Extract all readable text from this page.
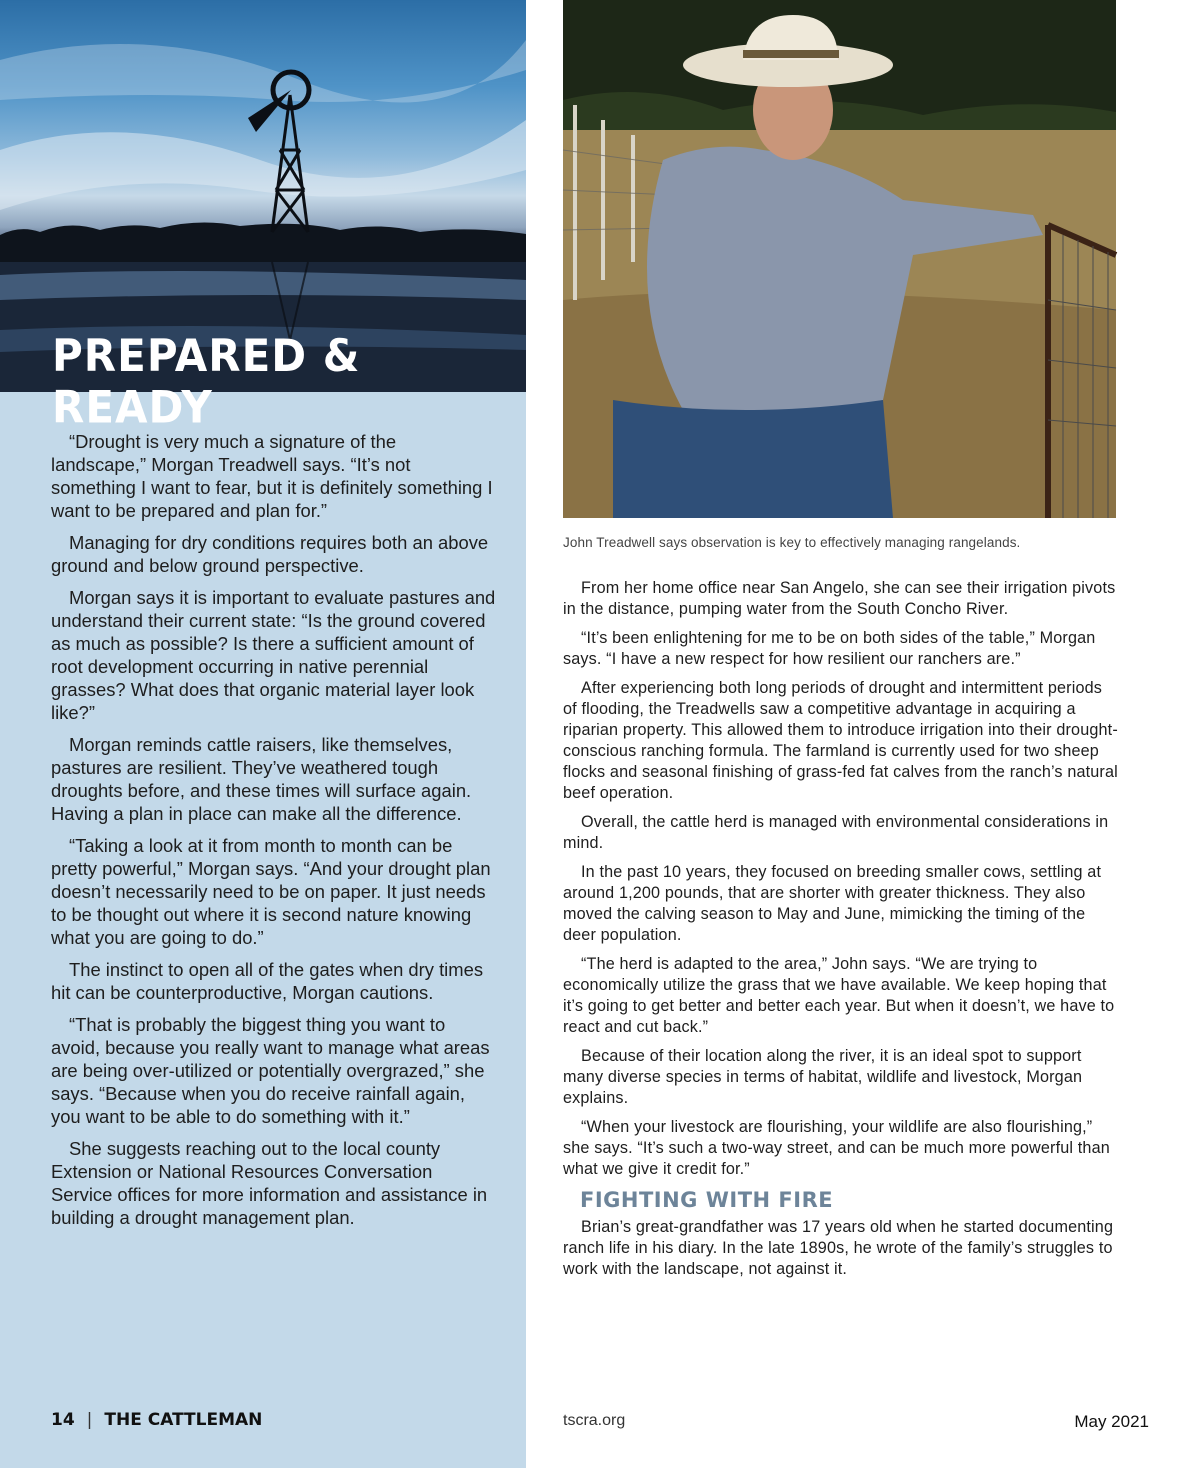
PREPARED & READY

“Drought is very much a signature of the landscape,” Morgan Treadwell says. “It’s not something I want to fear, but it is definitely something I want to be prepared and plan for.”

Managing for dry conditions requires both an above ground and below ground perspective.

Morgan says it is important to evaluate pastures and understand their current state: “Is the ground covered as much as possible? Is there a sufficient amount of root development occurring in native perennial grasses? What does that organic material layer look like?”

Morgan reminds cattle raisers, like themselves, pastures are resilient. They’ve weathered tough droughts before, and these times will surface again. Having a plan in place can make all the difference.

“Taking a look at it from month to month can be pretty powerful,” Morgan says. “And your drought plan doesn’t necessarily need to be on paper. It just needs to be thought out where it is second nature knowing what you are going to do.”

The instinct to open all of the gates when dry times hit can be counterproductive, Morgan cautions.

“That is probably the biggest thing you want to avoid, because you really want to manage what areas are being over-utilized or potentially overgrazed,” she says. “Because when you do receive rainfall again, you want to be able to do something with it.”

She suggests reaching out to the local county Extension or National Resources Conversation Service offices for more information and assistance in building a drought management plan.

14 | THE CATTLEMAN
John Treadwell says observation is key to effectively managing rangelands.

From her home office near San Angelo, she can see their irrigation pivots in the distance, pumping water from the South Concho River.

“It’s been enlightening for me to be on both sides of the table,” Morgan says. “I have a new respect for how resilient our ranchers are.”

After experiencing both long periods of drought and intermittent periods of flooding, the Treadwells saw a competitive advantage in acquiring a riparian property. This allowed them to introduce irrigation into their drought-conscious ranching formula. The farmland is currently used for two sheep flocks and seasonal finishing of grass-fed fat calves from the ranch’s natural beef operation.

Overall, the cattle herd is managed with environmental considerations in mind.

In the past 10 years, they focused on breeding smaller cows, settling at around 1,200 pounds, that are shorter with greater thickness. They also moved the calving season to May and June, mimicking the timing of the deer population.

“The herd is adapted to the area,” John says. “We are trying to economically utilize the grass that we have available. We keep hoping that it’s going to get better and better each year. But when it doesn’t, we have to react and cut back.”

Because of their location along the river, it is an ideal spot to support many diverse species in terms of habitat, wildlife and livestock, Morgan explains.

“When your livestock are flourishing, your wildlife are also flourishing,” she says. “It’s such a two-way street, and can be much more powerful than what we give it credit for.”

FIGHTING WITH FIRE

Brian’s great-grandfather was 17 years old when he started documenting ranch life in his diary. In the late 1890s, he wrote of the family’s struggles to work with the landscape, not against it.

tscra.org	May 2021
